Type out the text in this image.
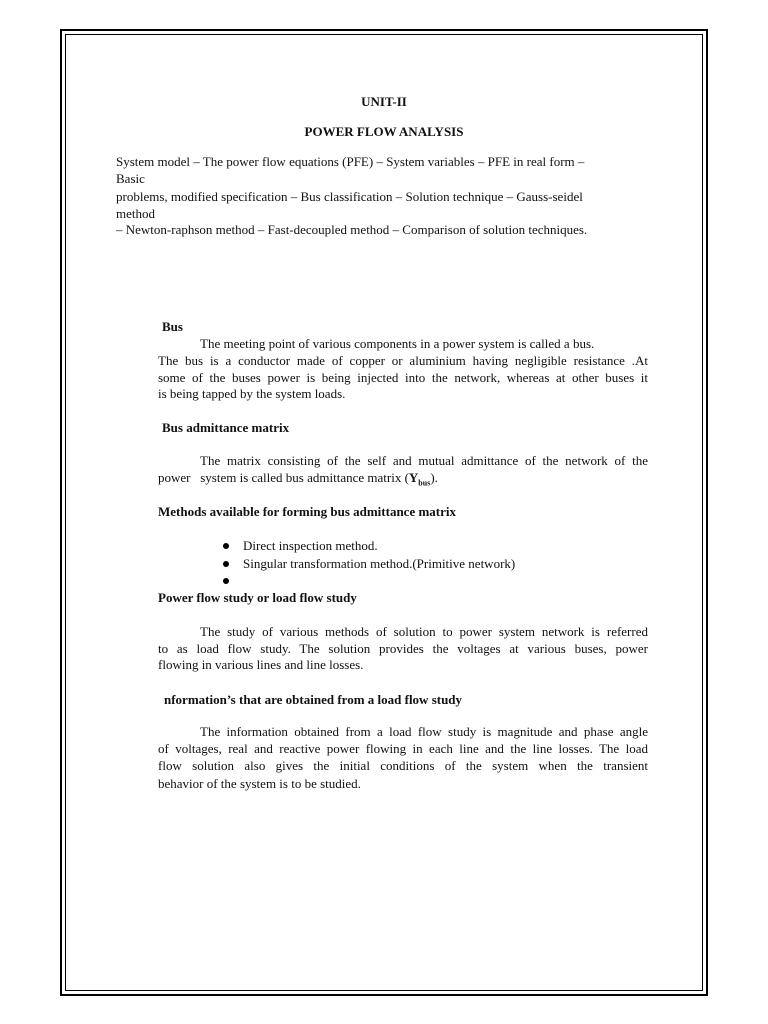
UNIT-II
POWER FLOW ANALYSIS
System model – The power flow equations (PFE) – System variables – PFE in real form –
Basic
problems, modified specification – Bus classification – Solution technique – Gauss-seidel
method
– Newton-raphson method – Fast-decoupled method – Comparison of solution techniques.
Bus
The meeting point of various components in a power system is called a bus.
The bus is a conductor made of copper or aluminium having negligible resistance .At
some of the buses power is being injected into the network, whereas at other buses it
is being tapped by the system loads.
Bus admittance matrix
The matrix consisting of the self and mutual admittance of the network of the
power   system is called bus admittance matrix $(Y_{bus})$.
Methods available for forming bus admittance matrix
Direct inspection method.
Singular transformation method.(Primitive network)
Power flow study or load flow study
The study of various methods of solution to power system network is referred
to as load flow study. The solution provides the voltages at various buses, power
flowing in various lines and line losses.
nformation’s that are obtained from a load flow study
The information obtained from a load flow study is magnitude and phase angle
of voltages, real and reactive power flowing in each line and the line losses. The load
flow solution also gives the initial conditions of the system when the transient
behavior of the system is to be studied.
